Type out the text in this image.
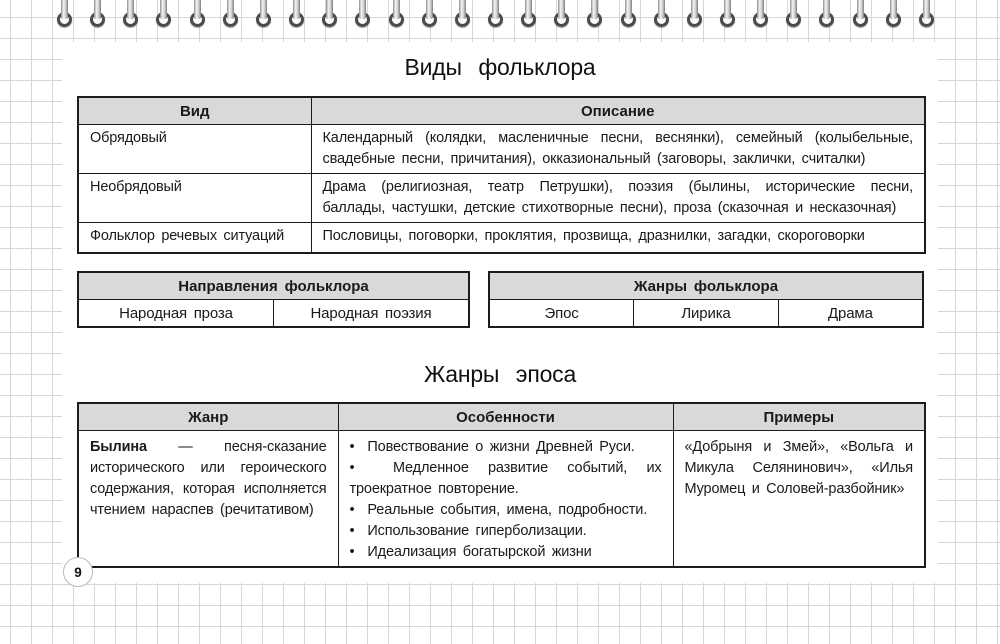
Виды фольклора
Вид	Описание
Обрядовый	Календарный (колядки, масленичные песни, веснянки), семейный (колыбельные, свадебные песни, причитания), окказиональный (заговоры, заклички, считалки)
Необрядовый	Драма (религиозная, театр Петрушки), поэзия (былины, исторические песни, баллады, частушки, детские стихотворные песни), проза (сказочная и несказочная)
Фольклор речевых ситуаций	Пословицы, поговорки, проклятия, прозвища, дразнилки, загадки, скороговорки
Направления фольклора
Народная проза	Народная поэзия
Жанры фольклора
Эпос	Лирика	Драма
Жанры эпоса
Жанр	Особенности	Примеры
Былина — песня-сказание исторического или героического содержания, которая исполняется чтением нараспев (речитативом)	•  Повествование о жизни Древней Руси.
•  Медленное развитие событий, их троекратное повторение.
•  Реальные события, имена, подробности.
•  Использование гиперболизации.
•  Идеализация богатырской жизни	«Добрыня и Змей», «Вольга и Микула Селянинович», «Илья Муромец и Соловей-разбойник»
9
